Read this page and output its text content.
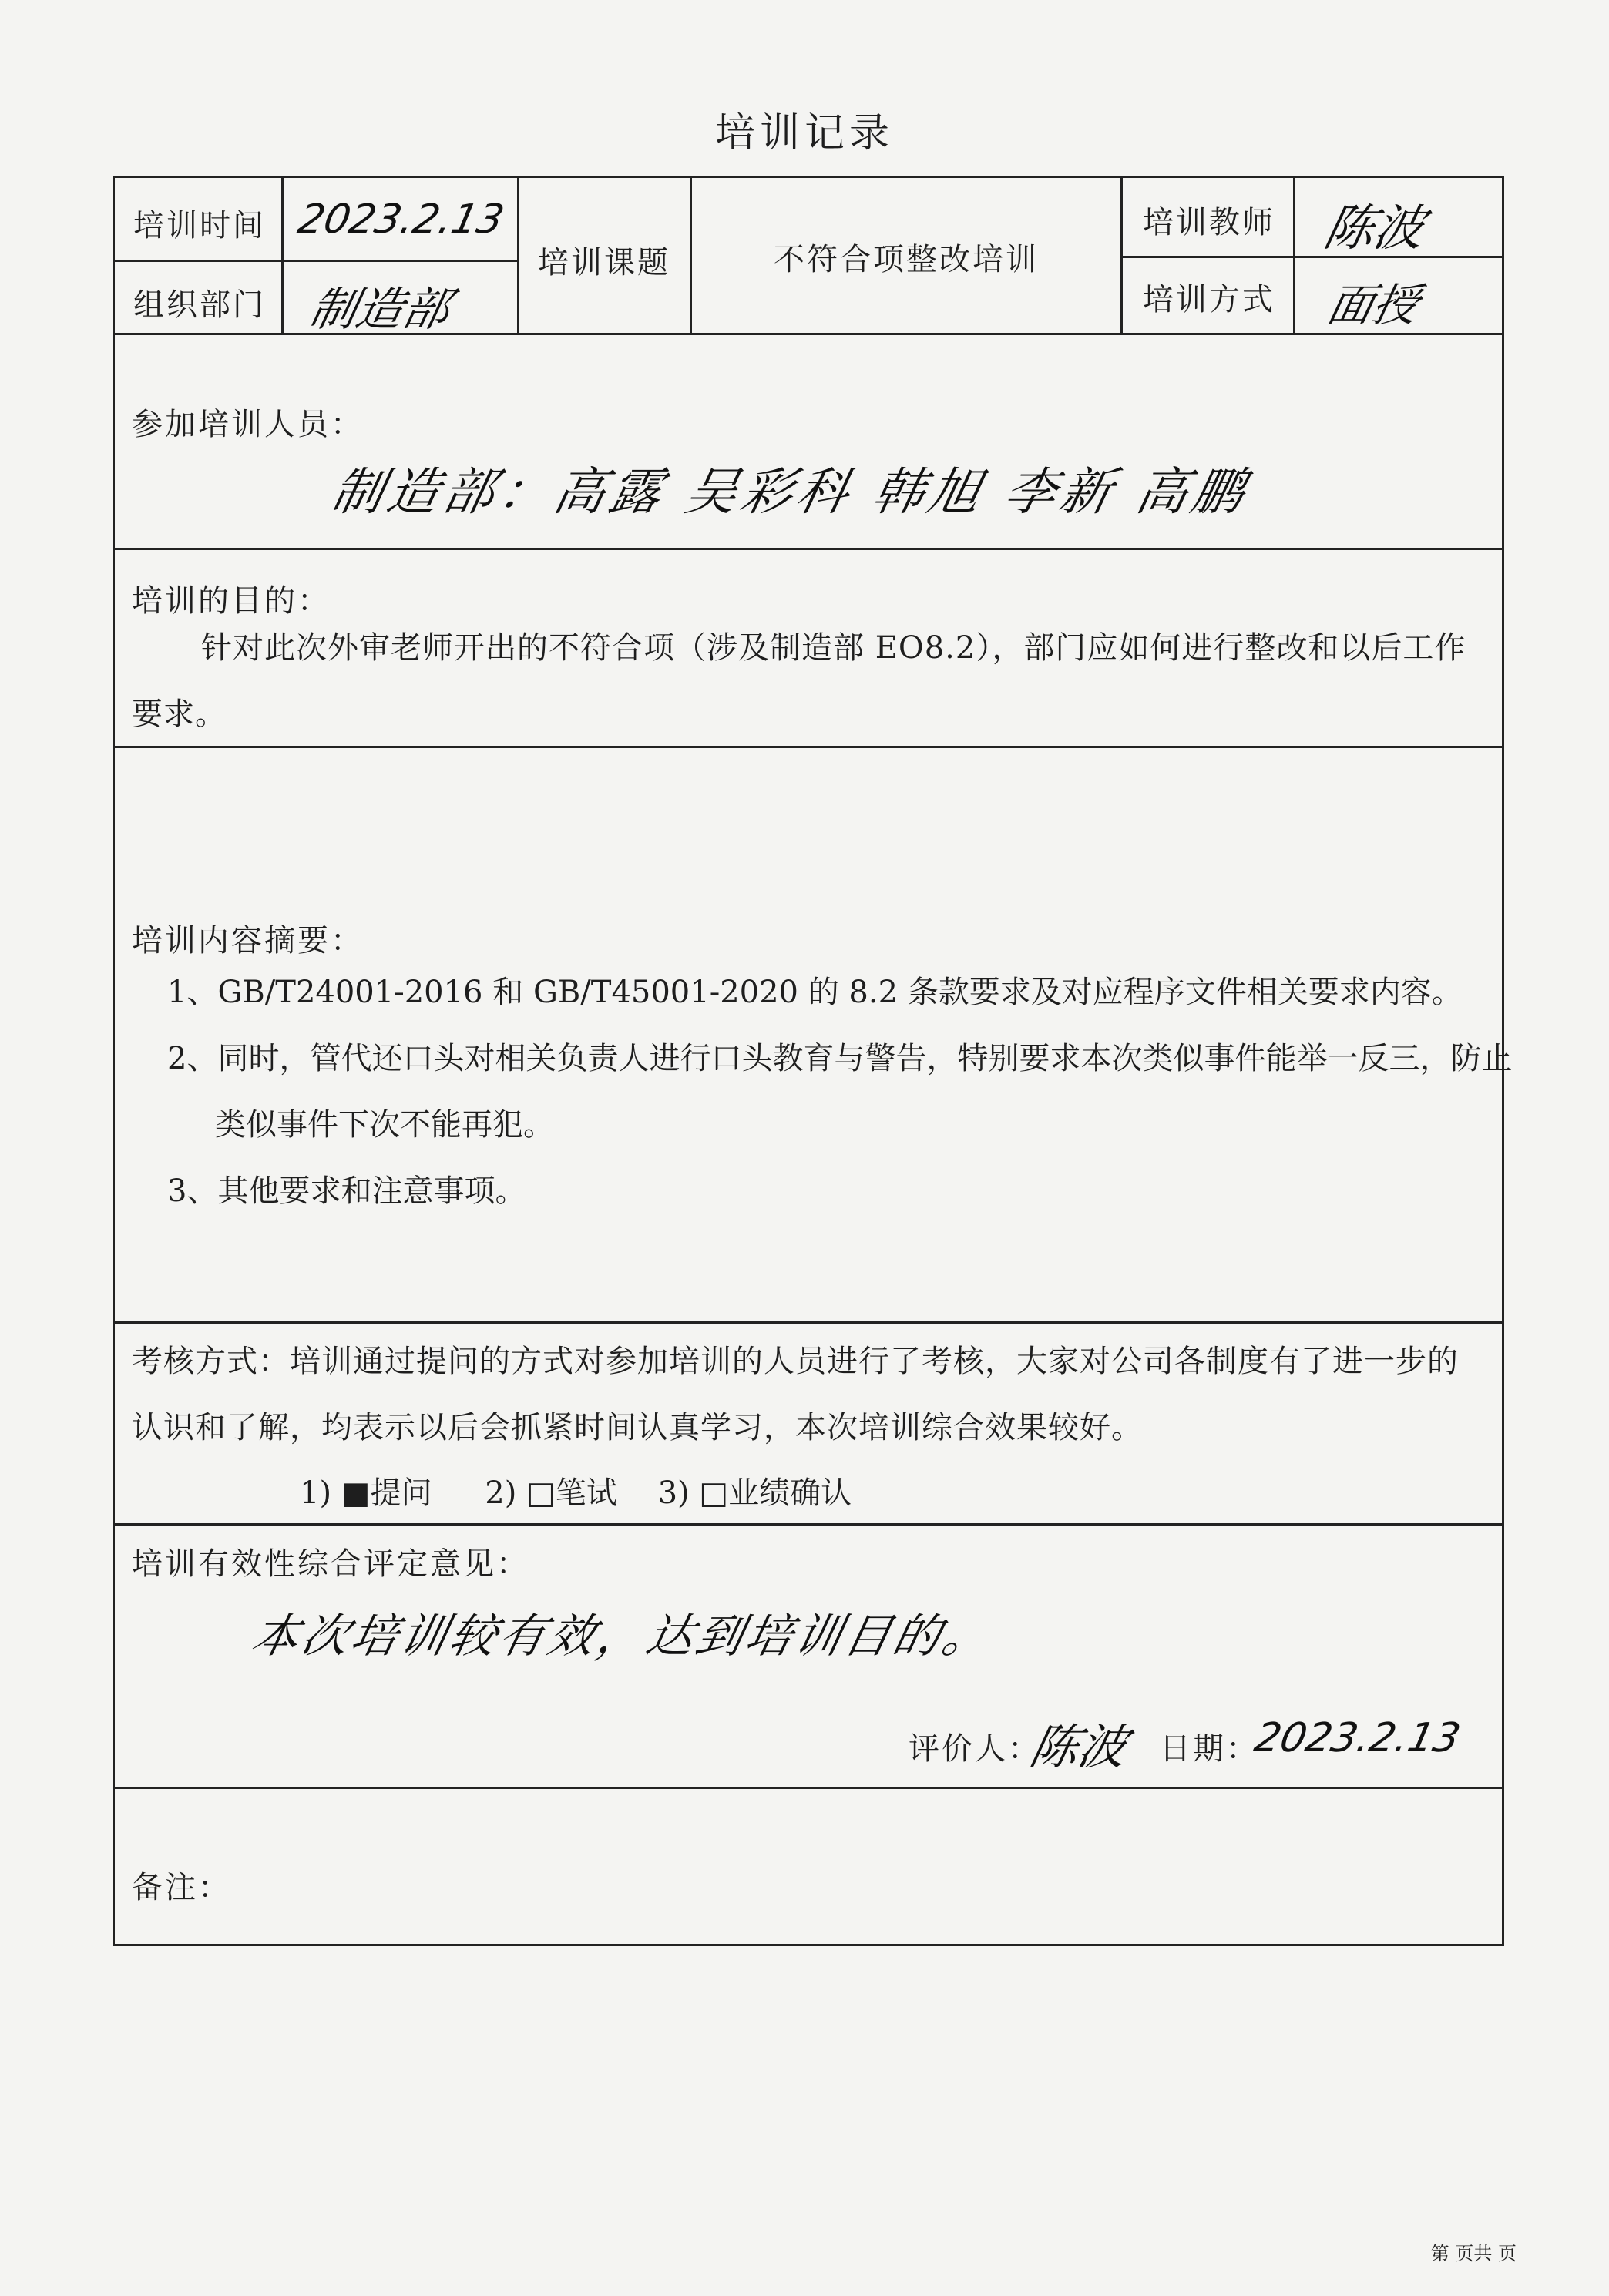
培训记录
培训时间 2023.2.13
组织部门 制造部
培训课题	不符合项整改培训
培训教师 陈波
培训方式 面授
参加培训人员：
制造部：高露 吴彩科 韩旭 李新 高鹏
培训的目的：
针对此次外审老师开出的不符合项（涉及制造部 EO8.2），部门应如何进行整改和以后工作要求。
培训内容摘要：
1、GB/T24001-2016 和 GB/T45001-2020 的 8.2 条款要求及对应程序文件相关要求内容。
2、同时，管代还口头对相关负责人进行口头教育与警告，特别要求本次类似事件能举一反三，防止类似事件下次不能再犯。
3、其他要求和注意事项。
考核方式：培训通过提问的方式对参加培训的人员进行了考核，大家对公司各制度有了进一步的认识和了解，均表示以后会抓紧时间认真学习，本次培训综合效果较好。
1) ■提问 2) □笔试 3) □业绩确认
培训有效性综合评定意见：
本次培训较有效，达到培训目的。
评价人：
陈波 日期：
2023.2.13
备注：
第 页共 页
